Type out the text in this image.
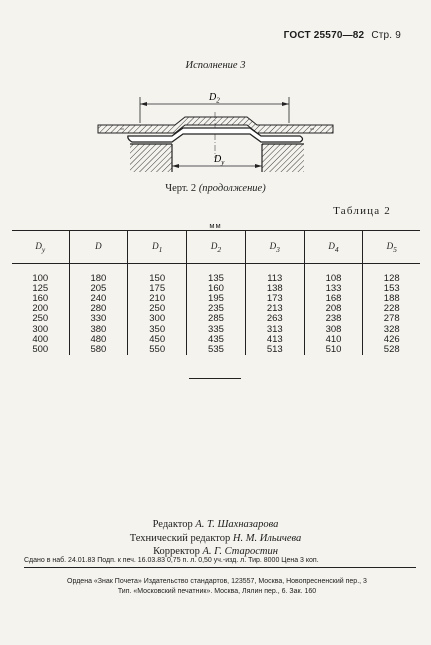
ГОСТ 25570—82 Стр. 9
Исполнение 3
$D_2$
$D_y$
Черт. 2 (продолжение)
Таблица 2
мм
$D_y$	D	$D_1$	$D_2$	$D_3$	$D_4$	$D_5$
100	180	150	135	113	108	128
125	205	175	160	138	133	153
160	240	210	195	173	168	188
200	280	250	235	213	208	228
250	330	300	285	263	238	278
300	380	350	335	313	308	328
400	480	450	435	413	410	426
500	580	550	535	513	510	528
Редактор
А. Т. Шахназарова
Технический редактор
Н. М. Ильичева
Корректор
А. Г. Старостин
Сдано в наб. 24.01.83 Подп. к печ. 16.03.83 0,75 п. л. 0,50 уч.-изд. л. Тир. 8000 Цена 3 коп.
Ордена «Знак Почета» Издательство стандартов, 123557, Москва, Новопресненский пер., 3
Тип. «Московский печатник». Москва, Лялин пер., 6. Зак. 160
